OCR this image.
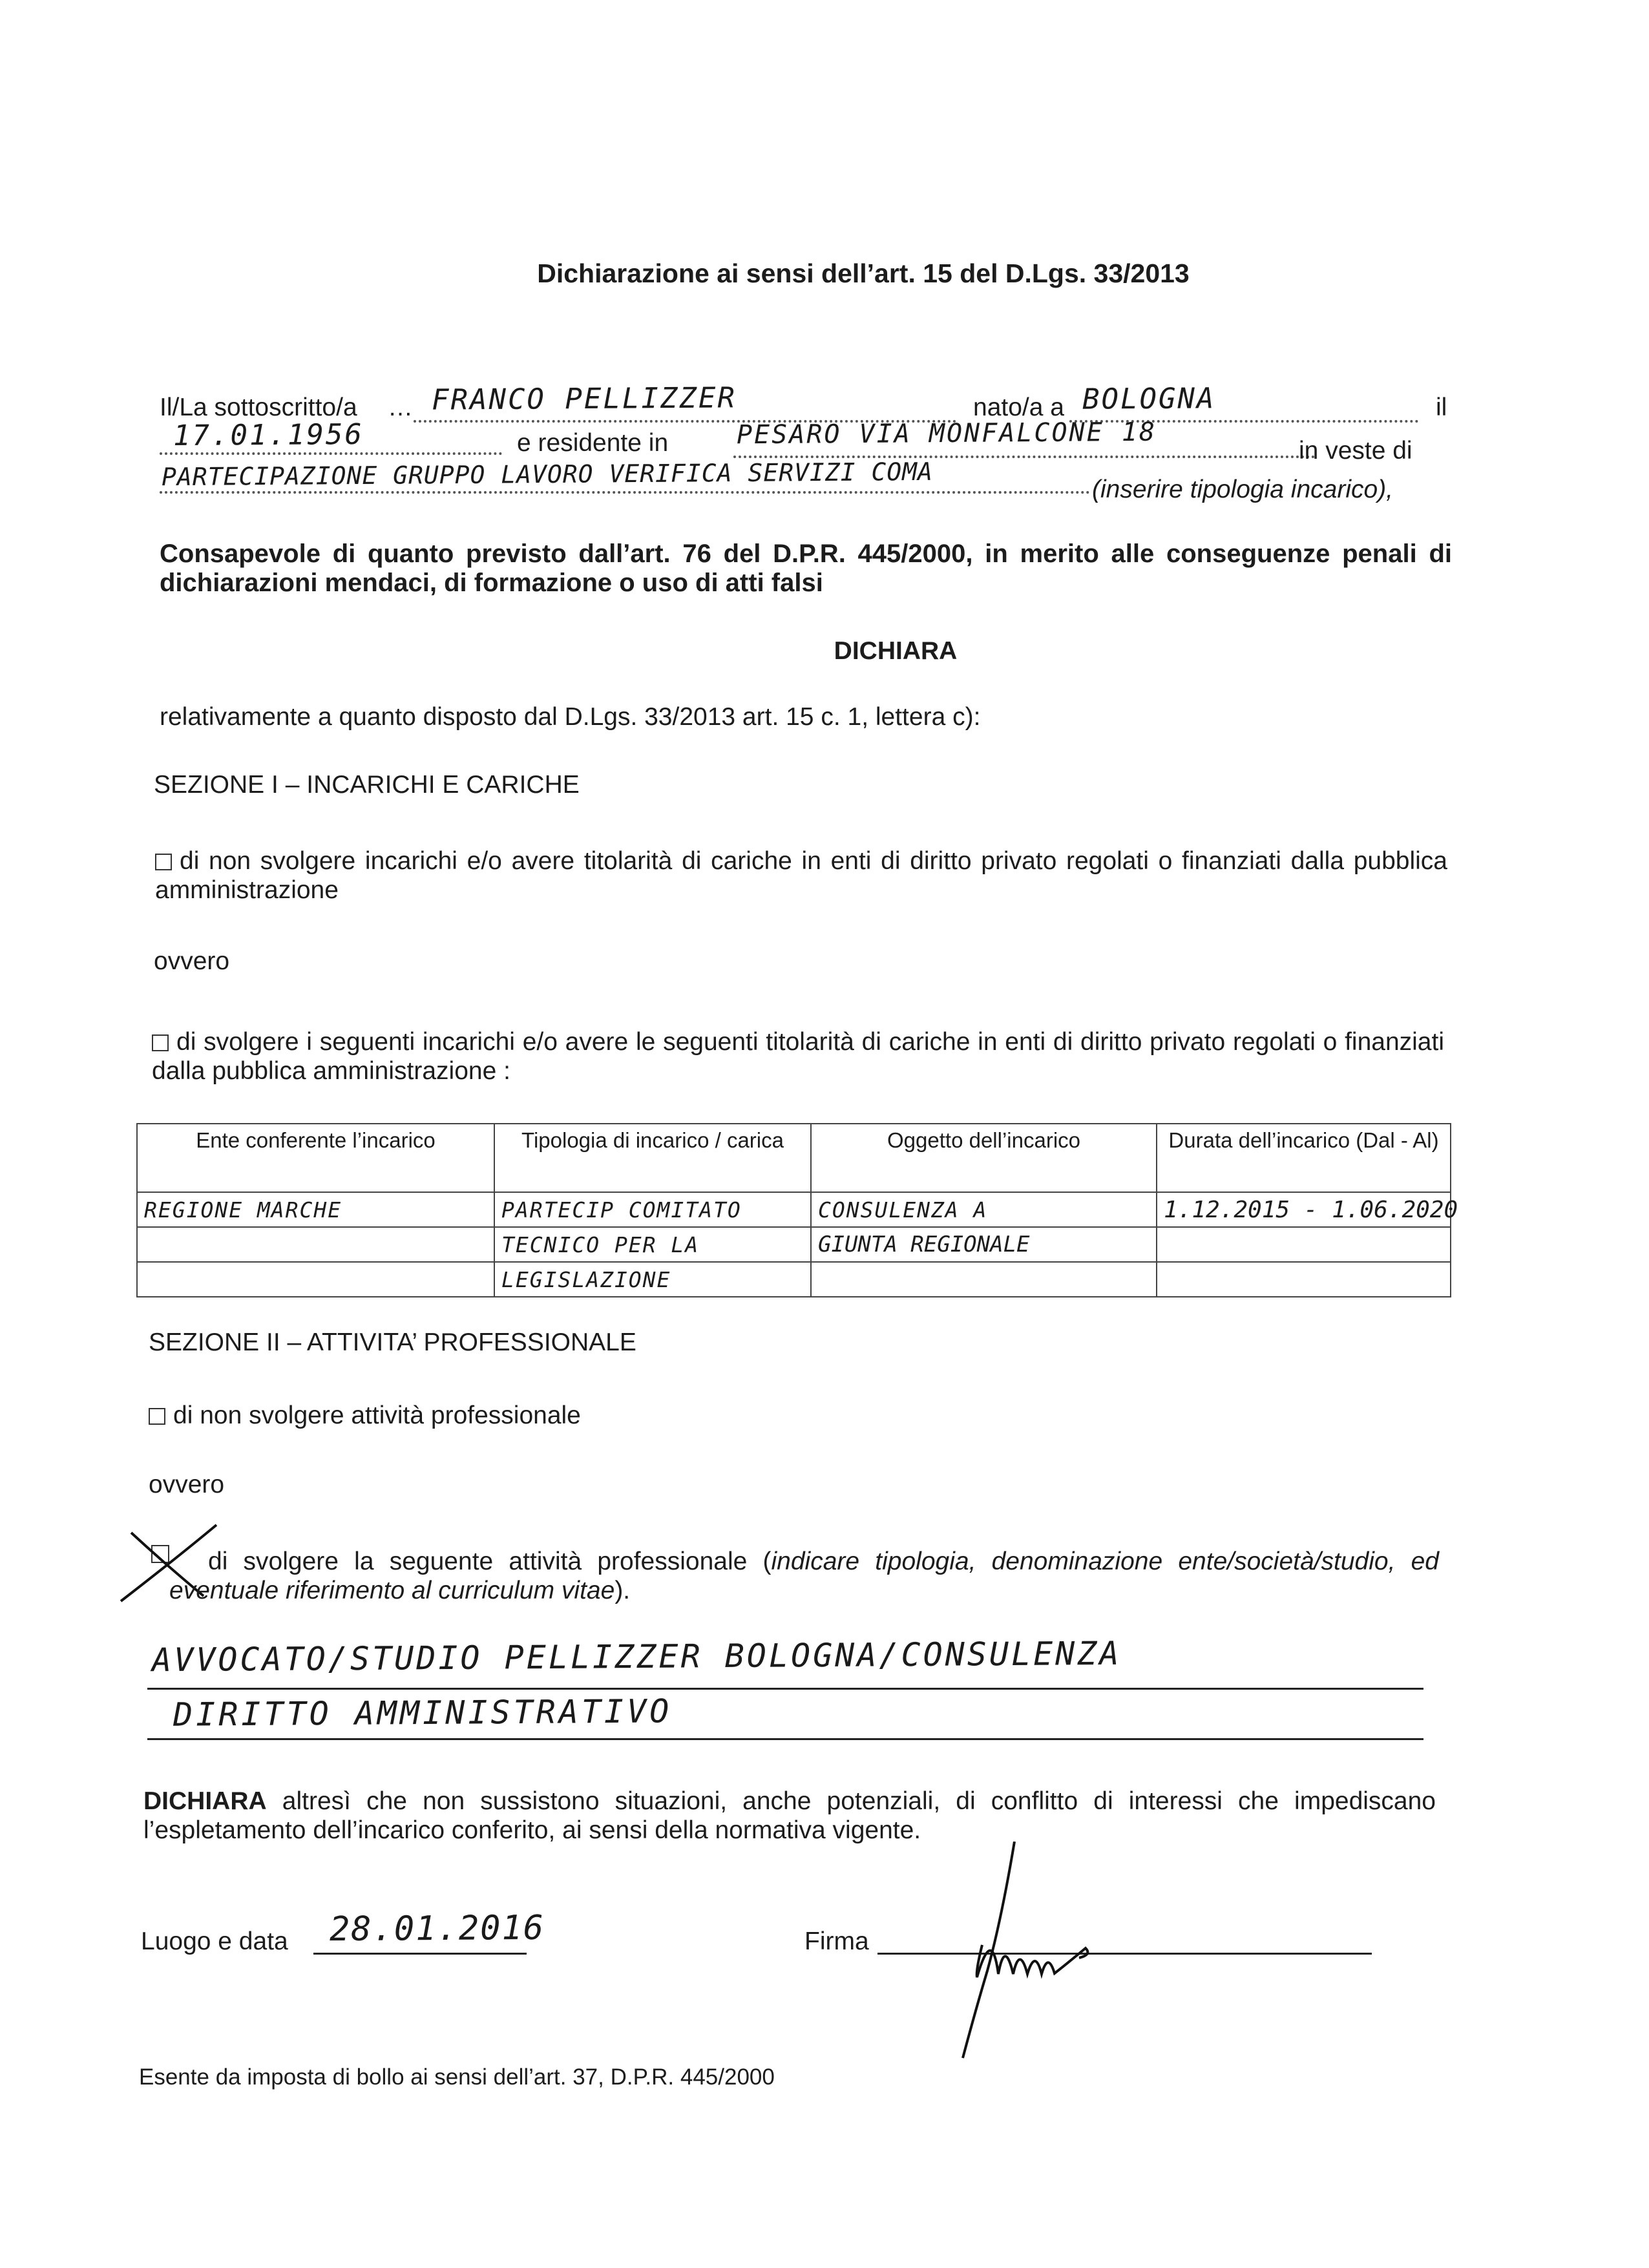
Dichiarazione ai sensi dell’art. 15 del D.Lgs. 33/2013
Il/La sottoscritto/a … FRANCO PELLIZZER	nato/a a BOLOGNA	il
17.01.1956	e residente in	PESARO VIA MONFALCONE 18
in veste di
PARTECIPAZIONE GRUPPO LAVORO VERIFICA SERVIZI COMA	(inserire tipologia incarico),
Consapevole di quanto previsto dall’art. 76 del D.P.R. 445/2000, in merito alle conseguenze penali di dichiarazioni mendaci, di formazione o uso di atti falsi
DICHIARA
relativamente a quanto disposto dal D.Lgs. 33/2013 art. 15 c. 1, lettera c):
SEZIONE I – INCARICHI E CARICHE
di non svolgere incarichi e/o avere titolarità di cariche in enti di diritto privato regolati o finanziati dalla pubblica amministrazione
ovvero
di svolgere i seguenti incarichi e/o avere le seguenti titolarità di cariche in enti di diritto privato regolati o finanziati dalla pubblica amministrazione :
Ente conferente l’incarico	Tipologia di incarico / carica	Oggetto dell’incarico	Durata dell’incarico (Dal - Al)
REGIONE MARCHE	PARTECIP COMITATO	CONSULENZA A	1.12.2015 - 1.06.2020
	TECNICO PER LA	GIUNTA REGIONALE	
	LEGISLAZIONE		
SEZIONE II – ATTIVITA’ PROFESSIONALE
di non svolgere attività professionale
ovvero
di svolgere la seguente attività professionale (indicare tipologia, denominazione ente/società/studio, ed eventuale riferimento al curriculum vitae).
AVVOCATO/STUDIO PELLIZZER BOLOGNA/CONSULENZA
DIRITTO AMMINISTRATIVO
DICHIARA altresì che non sussistono situazioni, anche potenziali, di conflitto di interessi che impediscano l’espletamento dell’incarico conferito, ai sensi della normativa vigente.
Luogo e data 28.01.2016	Firma
Esente da imposta di bollo ai sensi dell’art. 37, D.P.R. 445/2000
